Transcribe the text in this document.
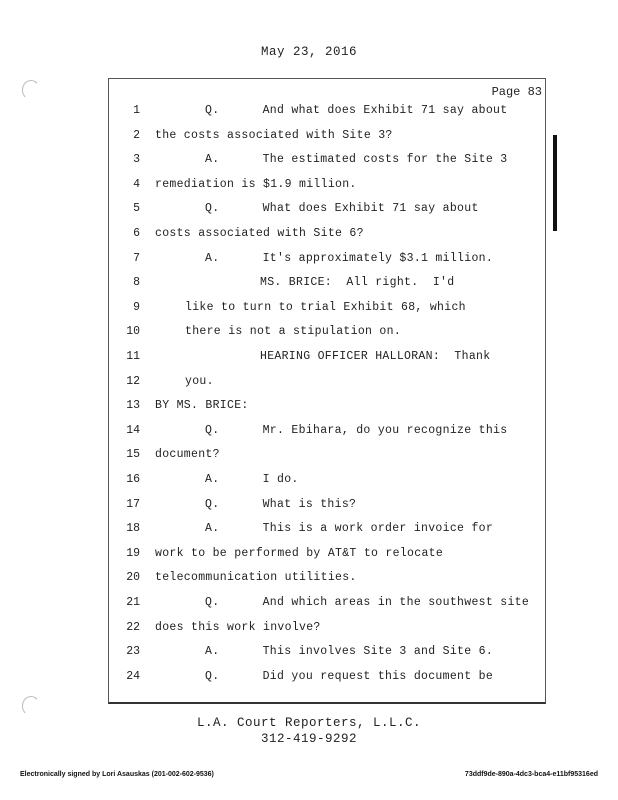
May 23, 2016
Page 83
1	Q.      And what does Exhibit 71 say about
2 the costs associated with Site 3?
3	A.      The estimated costs for the Site 3
4 remediation is $1.9 million.
5	Q.      What does Exhibit 71 say about
6 costs associated with Site 6?
7	A.      It's approximately $3.1 million.
8	MS. BRICE:  All right.  I'd
9	like to turn to trial Exhibit 68, which
10	there is not a stipulation on.
11	HEARING OFFICER HALLORAN:  Thank
12	you.
13 BY MS. BRICE:
14	Q.      Mr. Ebihara, do you recognize this
15 document?
16	A.      I do.
17	Q.      What is this?
18	A.      This is a work order invoice for
19 work to be performed by AT&T to relocate
20 telecommunication utilities.
21	Q.      And which areas in the southwest site
22 does this work involve?
23	A.      This involves Site 3 and Site 6.
24	Q.      Did you request this document be
L.A. Court Reporters, L.L.C.
312-419-9292
Electronically signed by Lori Asauskas (201-002-602-9536)	73ddf9de-890a-4dc3-bca4-e11bf95316ed
